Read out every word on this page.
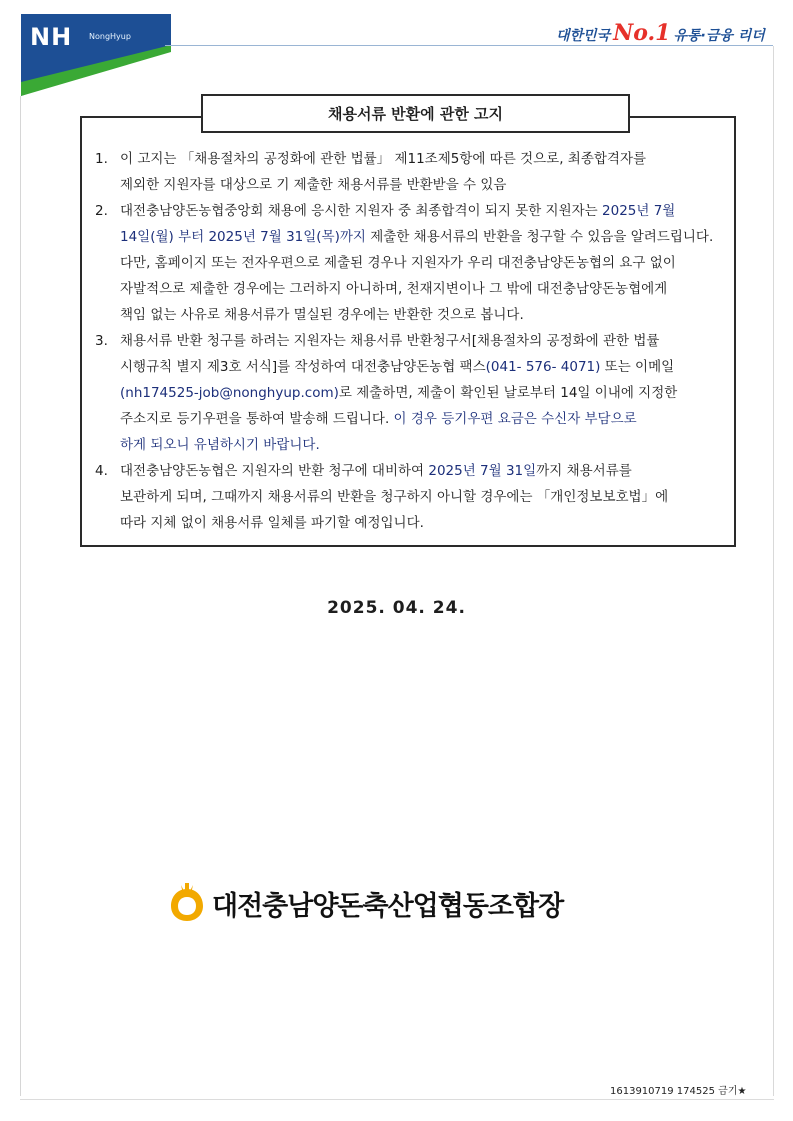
NH NongHyup	대한민국 No.1 유통·금융 리더
채용서류 반환에 관한 고지
1. 이 고지는 「채용절차의 공정화에 관한 법률」 제11조제5항에 따른 것으로, 최종합격자를
제외한 지원자를 대상으로 기 제출한 채용서류를 반환받을 수 있음
2. 대전충남양돈농협중앙회 채용에 응시한 지원자 중 최종합격이 되지 못한 지원자는 2025년 7월
14일(월) 부터 2025년 7월 31일(목)까지 제출한 채용서류의 반환을 청구할 수 있음을 알려드립니다.
다만, 홈페이지 또는 전자우편으로 제출된 경우나 지원자가 우리 대전충남양돈농협의 요구 없이
자발적으로 제출한 경우에는 그러하지 아니하며, 천재지변이나 그 밖에 대전충남양돈농협에게
책임 없는 사유로 채용서류가 멸실된 경우에는 반환한 것으로 봅니다.
3. 채용서류 반환 청구를 하려는 지원자는 채용서류 반환청구서[채용절차의 공정화에 관한 법률
시행규칙 별지 제3호 서식]를 작성하여 대전충남양돈농협 팩스(041- 576- 4071) 또는 이메일
(nh174525-job@nonghyup.com)로 제출하면, 제출이 확인된 날로부터 14일 이내에 지정한
주소지로 등기우편을 통하여 발송해 드립니다. 이 경우 등기우편 요금은 수신자 부담으로
하게 되오니 유념하시기 바랍니다.
4. 대전충남양돈농협은 지원자의 반환 청구에 대비하여 2025년 7월 31일까지 채용서류를
보관하게 되며, 그때까지 채용서류의 반환을 청구하지 아니할 경우에는 「개인정보보호법」에
따라 지체 없이 채용서류 일체를 파기할 예정입니다.
2025. 04. 24.
대전충남양돈축산업협동조합장
1613910719 174525 금기★
